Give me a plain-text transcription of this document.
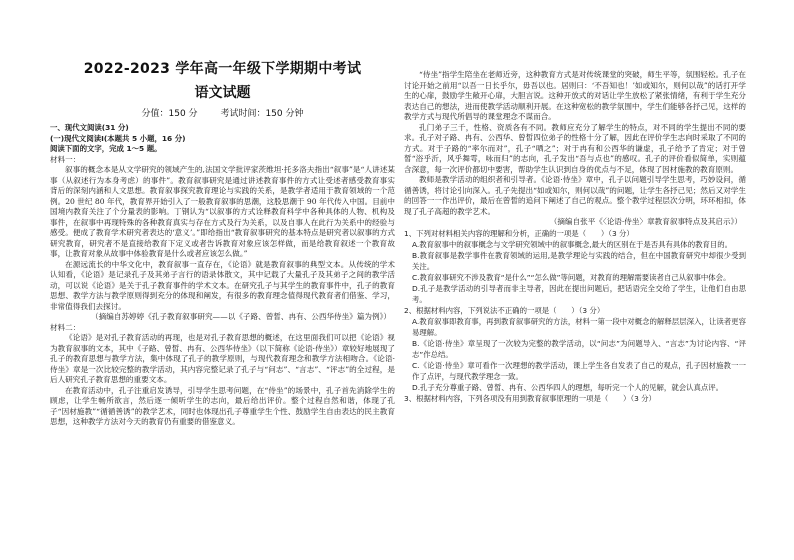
2022-2023 学年高一年级下学期期中考试
语文试题
分值：150 分	考试时间：150 分钟

一、现代文阅读(31 分)

(一)现代文阅读Ⅰ(本题共 5 小题，16 分)

阅读下面的文字，完成 1～5 题。

材料一：

叙事的概念本是从文学研究的领域产生的,法国文学批评家茨维坦·托多洛夫指出“叙事”是“人讲述某事（从叙述行为本身考虑）的事件”。教育叙事研究是通过讲述教育事件的方式让受述者感受教育事实背后的深刻内涵和人文思想。教育叙事探究教育理论与实践的关系，是教学者适用于教育领域的一个范例。20 世纪 80 年代，教育界开始引入了一般教育叙事的思潮，这股思潮于 90 年代传入中国。目前中国境内教育关注了个分量表的影响。丁钢认为“以叙事的方式诠释教育科学中各种具体的人物、机构及事件，在叙事中再现特殊的各种教育真实与存在方式及行为关系，以及自事人在此行为关系中的经验与感受。便成了教育学术研究者表达的‘意义’。”即给指出“教育叙事研究的基本特点是研究者以叙事的方式研究教育，研究者不是直接给教育下定义或者告诉教育对象应该怎样做，而是给教育叙述一个教育故事，让教育对象从故事中体验教育是什么或者应该怎么做。”

在源远流长的中华文化中，教育叙事一直存在，《论语》就是教育叙事的典型文本。从传统的学术认知看，《论语》是记录孔子及其弟子言行的语录体散文，其中记载了大量孔子及其弟子之间的教学活动，可以说《论语》是关于孔子教育事件的学术文本。在研究孔子与其学生的教育事件中，孔子的教育思想、教学方法与教学原则得到充分的体现和阐发，有很多的教育理念值得现代教育者们借鉴、学习，非常值得我们去探讨。

（摘编自苏婷婷《孔子教育叙事研究——以《子路、曾皙、冉有、公西华侍坐》篇为例》）

材料二：

《论语》是对孔子教育活动的再现，也是对孔子教育思想的概述，在这里面我们可以把《论语》视为教育叙事的文本，其中《子路、曾皙、冉有、公西华侍坐》（以下简称《论语·侍坐》）章较好地展现了孔子的教育思想与教学方法，集中体现了孔子的教学原则，与现代教育理念和教学方法相吻合。《论语·侍坐》章是一次比较完整的教学活动，其内容完整记录了孔子与“问志”、“言志”、“评志”的全过程，是后人研究孔子教育思想的重要文本。

在教育活动中，孔子注重启发诱导，引导学生思考问题，在“侍坐”的场景中，孔子首先消除学生的顾虑，让学生畅所欲言，然后逐一倾听学生的志向，最后给出评价。整个过程自然和谐，体现了孔子“因材施教”“循循善诱”的教学艺术，同时也体现出孔子尊重学生个性、鼓励学生自由表达的民主教育思想，这种教学方法对今天的教育仍有重要的借鉴意义。

“侍坐”指学生陪坐在老师近旁，这种教育方式是对传统课堂的突破，师生平等，氛围轻松。孔子在讨论开始之前用“以吾一日长乎尔，毋吾以也。居则曰：‘不吾知也！’如或知尔，则何以哉”的话打开学生的心扉，鼓励学生敞开心扉，大胆言说。这种开放式的对话让学生放松了紧张情绪，有利于学生充分表达自己的想法，进而使教学活动顺利开展。在这种宽松的教学氛围中，学生们能够各抒己见，这样的教学方式与现代所倡导的课堂理念不谋而合。

孔门弟子三千，性格、资质各有不同。教师应充分了解学生的特点，对不同的学生提出不同的要求。孔子对子路、冉有、公西华、曾皙四位弟子的性格十分了解，因此在评价学生志向时采取了不同的方式。对于子路的“率尔而对”，孔子“哂之”；对于冉有和公西华的谦虚，孔子给予了肯定；对于曾皙“浴乎沂，风乎舞雩，咏而归”的志向，孔子发出“吾与点也”的感叹。孔子的评价看似简单，实则蕴含深意，每一次评价都切中要害，帮助学生认识到自身的优点与不足，体现了因材施教的教育原则。

教师是教学活动的组织者和引导者。《论语·侍坐》章中，孔子以问题引导学生思考，巧妙设问，循循善诱，将讨论引向深入。孔子先提出“如或知尔，则何以哉”的问题，让学生各抒己见；然后又对学生的回答一一作出评价，最后在曾皙的追问下阐述了自己的观点。整个教学过程层次分明，环环相扣，体现了孔子高超的教学艺术。

（摘编自张平《〈论语·侍坐〉章教育叙事特点及其启示》）

1、下列对材料相关内容的理解和分析，正确的一项是（　　）（3 分）

A.教育叙事中的叙事概念与文学研究领域中的叙事概念,最大的区别在于是否具有具体的教育目的。

B.教育叙事是教学事件在教育领域的运用,是教学理论与实践的结合，但在中国教育研究中却很少受到关注。

C.教育叙事研究不涉及教育“是什么”“怎么做”等问题，对教育的理解需要读者自己从叙事中体会。

D.孔子是教学活动的引导者而非主导者，因此在提出问题后，把话语完全交给了学生，让他们自由思考。

2、根据材料内容，下列说法不正确的一项是（　　）（3 分）

A.教育叙事即教育事，再到教育叙事研究的方法，材料一第一段中对概念的解释层层深入，让读者更容易理解。

B.《论语·侍坐》章呈现了一次较为完整的教学活动，以“问志”为问题导入、“言志”为讨论内容、“评志”作总结。

C.《论语·侍坐》章可看作一次理想的教学活动，课上学生各自发表了自己的观点，孔子因材施教一一作了点评，与现代教学理念一致。

D.孔子充分尊重子路、曾皙、冉有、公西华四人的理想，每听完一个人的见解，就会认真点评。

3、根据材料内容，下列各项没有用到教育叙事原理的一项是（　　）（3 分）
